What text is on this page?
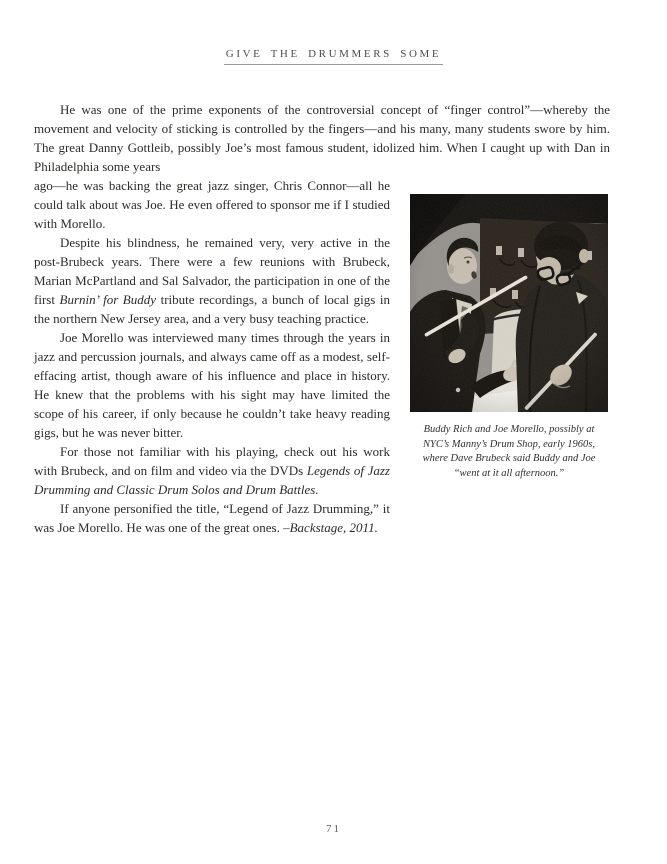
GIVE THE DRUMMERS SOME

He was one of the prime exponents of the controversial concept of “finger control”—whereby the movement and velocity of sticking is controlled by the fingers—and his many, many students swore by him. The great Danny Gottleib, possibly Joe’s most famous student, idolized him. When I caught up with Dan in Philadelphia some years

ago—he was backing the great jazz singer, Chris Connor—all he could talk about was Joe. He even offered to sponsor me if I studied with Morello.

Despite his blindness, he remained very, very active in the post-Brubeck years. There were a few reunions with Brubeck, Marian McPartland and Sal Salvador, the participation in one of the first Burnin’ for Buddy tribute recordings, a bunch of local gigs in the northern New Jersey area, and a very busy teaching practice.

Joe Morello was interviewed many times through the years in jazz and percussion journals, and always came off as a modest, self-effacing artist, though aware of his influence and place in history. He knew that the problems with his sight may have limited the scope of his career, if only because he couldn’t take heavy reading gigs, but he was never bitter.

For those not familiar with his playing, check out his work with Brubeck, and on film and video via the DVDs Legends of Jazz Drumming and Classic Drum Solos and Drum Battles.

If anyone personified the title, “Legend of Jazz Drumming,” it was Joe Morello. He was one of the great ones. –Backstage, 2011.

Buddy Rich and Joe Morello, possibly at NYC’s Manny’s Drum Shop, early 1960s, where Dave Brubeck said Buddy and Joe “went at it all afternoon.”
71
